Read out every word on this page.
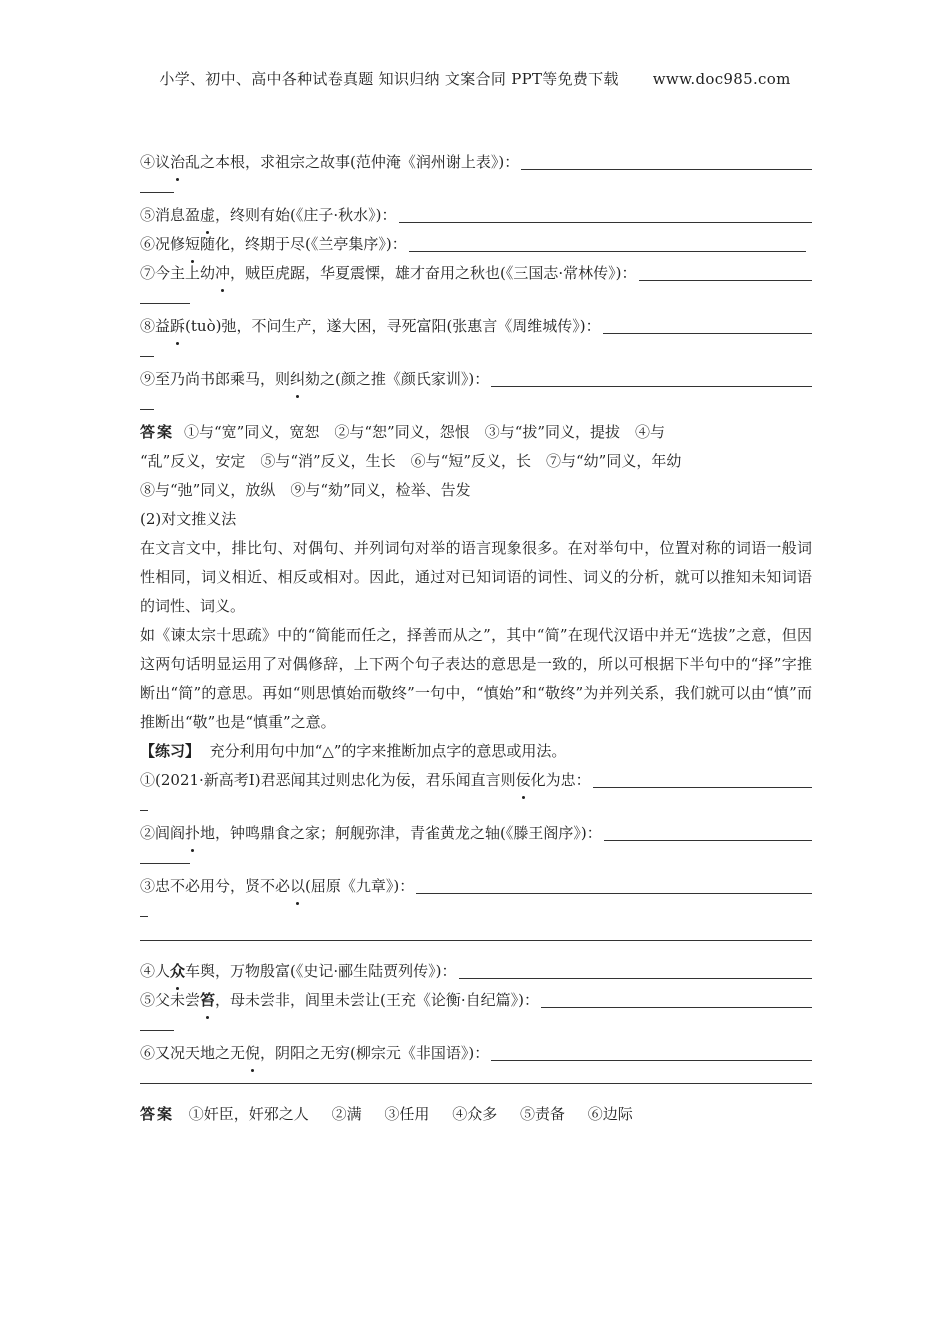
小学、初中、高中各种试卷真题 知识归纳 文案合同 PPT等免费下载 www.doc985.com
④议治乱之本根，求祖宗之故事(范仲淹《润州谢上表》)：
⑤消息盈虚，终则有始(《庄子·秋水》)：
⑥况修短随化，终期于尽(《兰亭集序》)：
⑦今主上幼冲，贼臣虎踞，华夏震慄，雄才奋用之秋也(《三国志·常林传》)：
⑧益跅(tuò)弛，不问生产，遂大困，寻死富阳(张惠言《周维城传》)：
⑨至乃尚书郎乘马，则纠劾之(颜之推《颜氏家训》)：
答案 ①与“宽”同义，宽恕　②与“恕”同义，怨恨　③与“拔”同义，提拔　④与
“乱”反义，安定　⑤与“消”反义，生长　⑥与“短”反义，长　⑦与“幼”同义，年幼
⑧与“弛”同义，放纵　⑨与“劾”同义，检举、告发
(2)对文推义法
在文言文中，排比句、对偶句、并列词句对举的语言现象很多。在对举句中，位置对称的词语一般词性相同，词义相近、相反或相对。因此，通过对已知词语的词性、词义的分析，就可以推知未知词语的词性、词义。
如《谏太宗十思疏》中的“简能而任之，择善而从之”，其中“简”在现代汉语中并无“选拔”之意，但因这两句话明显运用了对偶修辞，上下两个句子表达的意思是一致的，所以可根据下半句中的“择”字推断出“简”的意思。再如“则思慎始而敬终”一句中，“慎始”和“敬终”为并列关系，我们就可以由“慎”而推断出“敬”也是“慎重”之意。
【练习】 充分利用句中加“△”的字来推断加点字的意思或用法。
①(2021·新高考Ⅰ)君恶闻其过则忠化为佞，君乐闻直言则佞化为忠：
②闾阎扑地，钟鸣鼎食之家；舸舰弥津，青雀黄龙之轴(《滕王阁序》)：
③忠不必用兮，贤不必以(屈原《九章》)：
④人众车舆，万物殷富(《史记·郦生陆贾列传》)：
⑤父未尝笞，母未尝非，闾里未尝让(王充《论衡·自纪篇》)：
⑥又况天地之无倪，阴阳之无穷(柳宗元《非国语》)：
答案 ①奸臣，奸邪之人 ②满 ③任用 ④众多 ⑤责备 ⑥边际
